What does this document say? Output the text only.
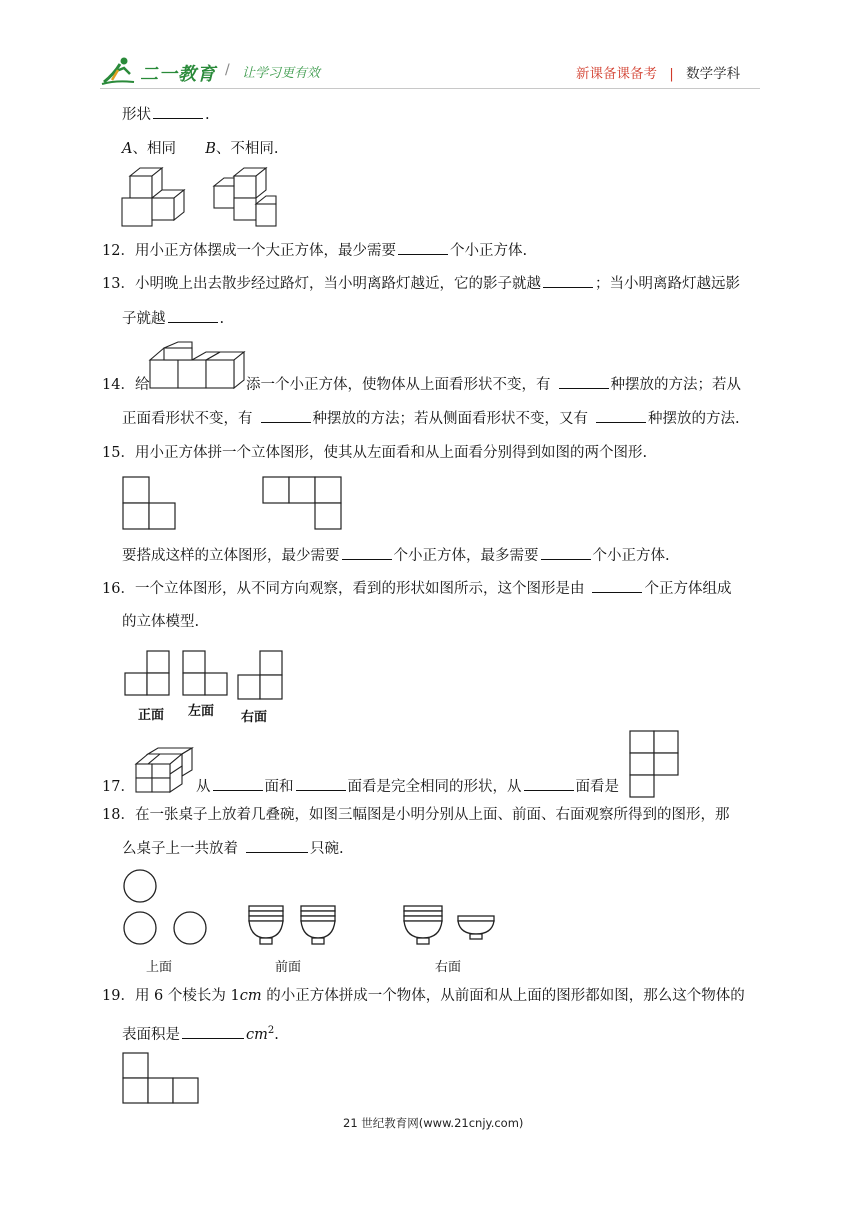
二一教育 / 让学习更有效	新课备课备考 | 数学学科
形状	.
A、相同 B、不相同.
12．用小正方体摆成一个大正方体，最少需要	个小正方体.
13．小明晚上出去散步经过路灯，当小明离路灯越近，它的影子就越	；当小明离路灯越远影
子就越	.
14．给	添一个小正方体，使物体从上面看形状不变，有	种摆放的方法；若从
正面看形状不变，有	种摆放的方法；若从侧面看形状不变，又有	种摆放的方法.
15．用小正方体拼一个立体图形，使其从左面看和从上面看分别得到如图的两个图形.
要搭成这样的立体图形，最少需要	个小正方体，最多需要	个小正方体.
16．一个立体图形，从不同方向观察，看到的形状如图所示，这个图形是由	个正方体组成
的立体模型.
正面 左面 右面
17．	从	面和	面看是完全相同的形状，从	面看是
18．在一张桌子上放着几叠碗，如图三幅图是小明分别从上面、前面、右面观察所得到的图形，那
么桌子上一共放着	只碗.
上面	前面	右面
19．用 6 个棱长为 1cm 的小正方体拼成一个物体，从前面和从上面的图形都如图，那么这个物体的
表面积是	$cm^2$.
21 世纪教育网(www.21cnjy.com)
